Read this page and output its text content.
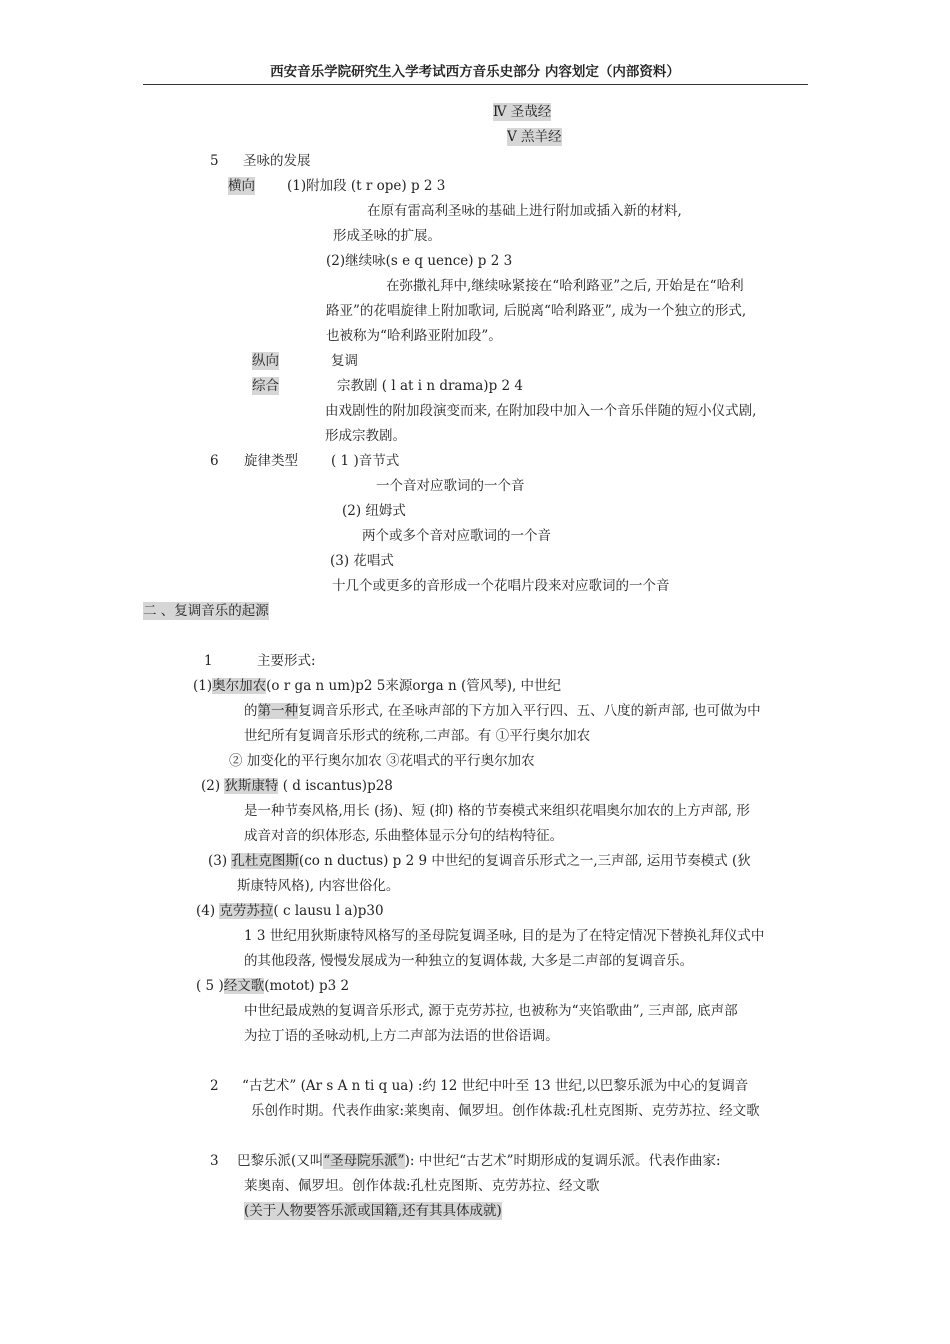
西安音乐学院研究生入学考试西方音乐史部分 内容划定（内部资料）
Ⅳ 圣哉经
Ⅴ 羔羊经
5 圣咏的发展
横向 (1)附加段 (t r ope) p 2 3
在原有雷高利圣咏的基础上进行附加或插入新的材料,
形成圣咏的扩展。
(2)继续咏(s e q uence) p 2 3
在弥撒礼拜中,继续咏紧接在“哈利路亚”之后, 开始是在“哈利
路亚”的花唱旋律上附加歌词, 后脱离“哈利路亚”, 成为一个独立的形式,
也被称为“哈利路亚附加段”。
纵向	复调
综合	宗教剧 ( l at i n drama)p 2 4
由戏剧性的附加段演变而来, 在附加段中加入一个音乐伴随的短小仪式剧,
形成宗教剧。
6 旋律类型 ( 1 )音节式
一个音对应歌词的一个音
(2) 纽姆式
两个或多个音对应歌词的一个音
(3) 花唱式
十几个或更多的音形成一个花唱片段来对应歌词的一个音
二 、复调音乐的起源
1	主要形式:
(1)奥尔加农(o r ga n um)p2 5来源orga n (管风琴), 中世纪
的第一种复调音乐形式, 在圣咏声部的下方加入平行四、五、八度的新声部, 也可做为中
世纪所有复调音乐形式的统称,二声部。有 ①平行奥尔加农
② 加变化的平行奥尔加农 ③花唱式的平行奥尔加农
(2) 狄斯康特 ( d iscantus)p28
是一种节奏风格,用长 (扬)、短 (抑) 格的节奏模式来组织花唱奥尔加农的上方声部, 形
成音对音的织体形态, 乐曲整体显示分句的结构特征。
(3) 孔杜克图斯(co n ductus) p 2 9 中世纪的复调音乐形式之一,三声部, 运用节奏模式 (狄
斯康特风格), 内容世俗化。
(4) 克劳苏拉( c lausu l a)p30
1 3 世纪用狄斯康特风格写的圣母院复调圣咏, 目的是为了在特定情况下替换礼拜仪式中
的其他段落, 慢慢发展成为一种独立的复调体裁, 大多是二声部的复调音乐。
( 5 )经文歌(motot) p3 2
中世纪最成熟的复调音乐形式, 源于克劳苏拉, 也被称为“夹馅歌曲”, 三声部, 底声部
为拉丁语的圣咏动机,上方二声部为法语的世俗语调。
2 “古艺术” (Ar s A n ti q ua) :约 12 世纪中叶至 13 世纪,以巴黎乐派为中心的复调音
乐创作时期。代表作曲家:莱奥南、佩罗坦。创作体裁:孔杜克图斯、克劳苏拉、经文歌
3 巴黎乐派(又叫“圣母院乐派”): 中世纪“古艺术”时期形成的复调乐派。代表作曲家:
莱奥南、佩罗坦。创作体裁:孔杜克图斯、克劳苏拉、经文歌
(关于人物要答乐派或国籍,还有其具体成就)
